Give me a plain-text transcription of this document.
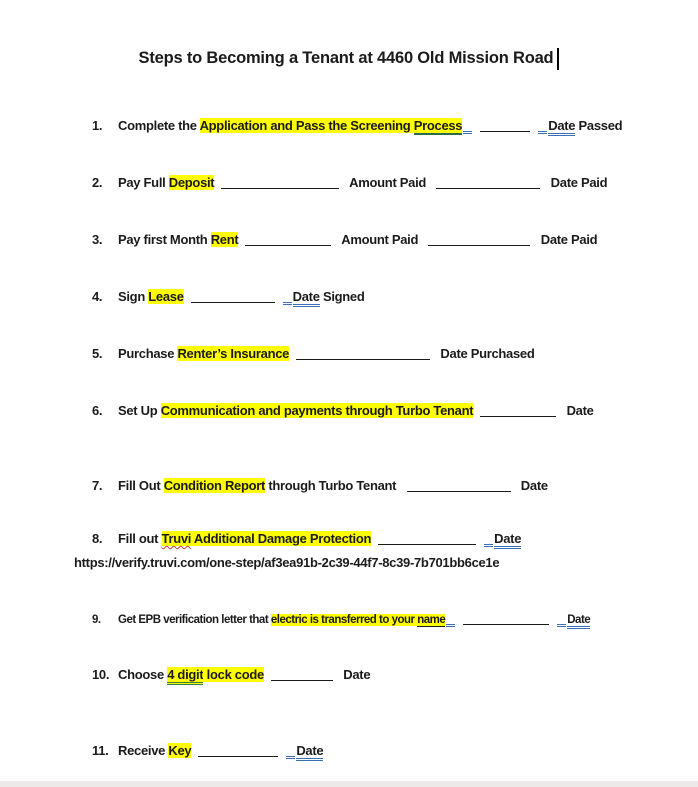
Steps to Becoming a Tenant at 4460 Old Mission Road
1. Complete the Application and Pass the Screening Process	Date Passed
2. Pay Full Deposit	Amount Paid	Date Paid
3. Pay first Month Rent	Amount Paid	Date Paid
4. Sign Lease	Date Signed
5. Purchase Renter’s Insurance	Date Purchased
6. Set Up Communication and payments through Turbo Tenant	Date
7. Fill Out Condition Report through Turbo Tenant	Date
8. Fill out Truvi Additional Damage Protection	Date
https://verify.truvi.com/one-step/af3ea91b-2c39-44f7-8c39-7b701bb6ce1e
9. Get EPB verification letter that electric is transferred to your name	Date
10. Choose 4 digit lock code	Date
11. Receive Key	Date
